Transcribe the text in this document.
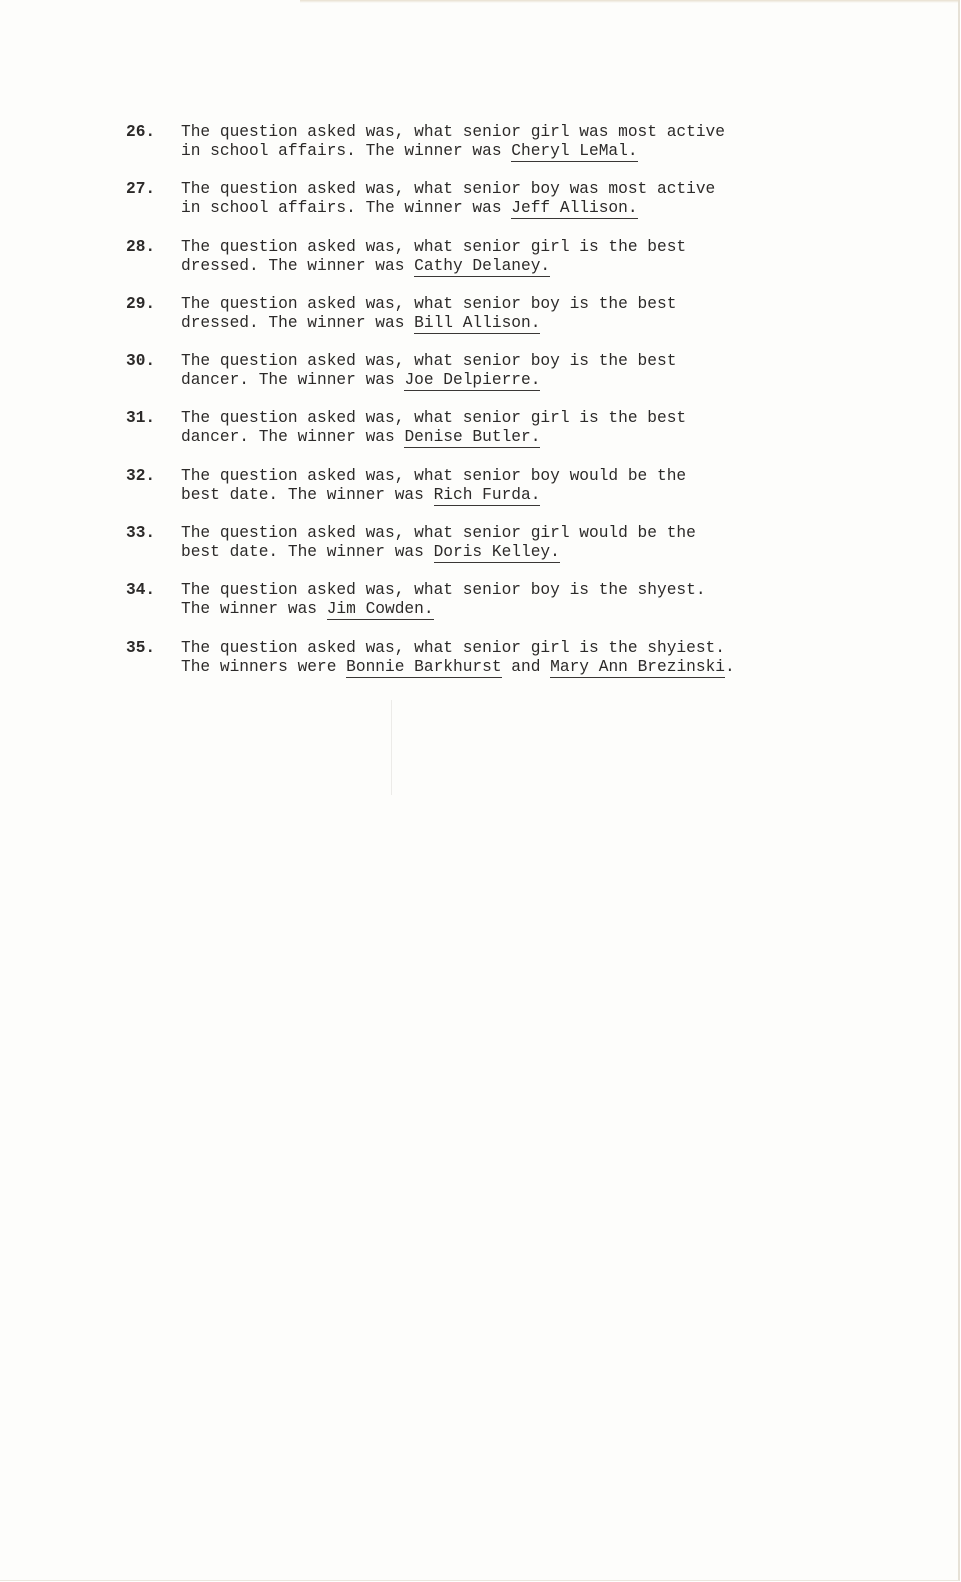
26.	The question asked was, what senior girl was most active
in school affairs. The winner was Cheryl LeMal.
27.	The question asked was, what senior boy was most active
in school affairs. The winner was Jeff Allison.
28.	The question asked was, what senior girl is the best
dressed. The winner was Cathy Delaney.
29.	The question asked was, what senior boy is the best
dressed. The winner was Bill Allison.
30.	The question asked was, what senior boy is the best
dancer. The winner was Joe Delpierre.
31.	The question asked was, what senior girl is the best
dancer. The winner was Denise Butler.
32.	The question asked was, what senior boy would be the
best date. The winner was Rich Furda.
33.	The question asked was, what senior girl would be the
best date. The winner was Doris Kelley.
34.	The question asked was, what senior boy is the shyest.
The winner was Jim Cowden.
35.	The question asked was, what senior girl is the shyiest.
The winners were Bonnie Barkhurst and Mary Ann Brezinski.
